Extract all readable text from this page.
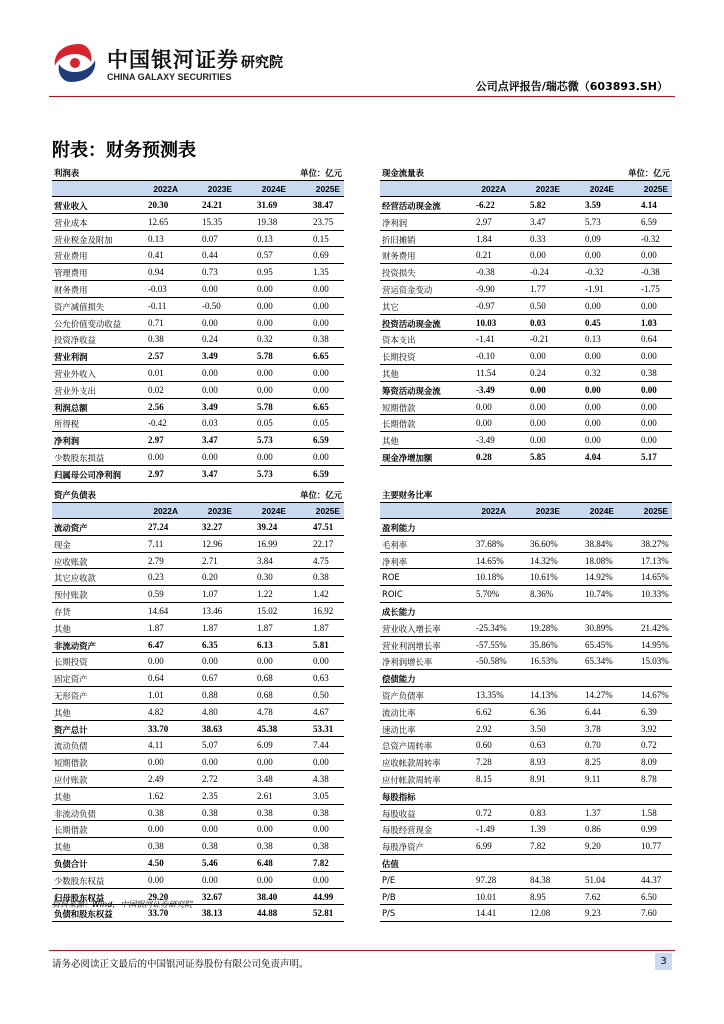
中国银河证券
CHINA GALAXY SECURITIES
研究院
公司点评报告/瑞芯微（603893.SH）
附表：财务预测表
利润表	单位：亿元
2022A	2023E	2024E	2025E
营业收入	20.30	24.21	31.69	38.47
营业成本	12.65	15.35	19.38	23.75
营业税金及附加	0.13	0.07	0.13	0.15
营业费用	0.41	0.44	0.57	0.69
管理费用	0.94	0.73	0.95	1.35
财务费用	-0.03	0.00	0.00	0.00
资产减值损失	-0.11	-0.50	0.00	0.00
公允价值变动收益	0.71	0.00	0.00	0.00
投资净收益	0.38	0.24	0.32	0.38
营业利润	2.57	3.49	5.78	6.65
营业外收入	0.01	0.00	0.00	0.00
营业外支出	0.02	0.00	0.00	0.00
利润总额	2.56	3.49	5.78	6.65
所得税	-0.42	0.03	0.05	0.05
净利润	2.97	3.47	5.73	6.59
少数股东损益	0.00	0.00	0.00	0.00
归属母公司净利润	2.97	3.47	5.73	6.59
现金流量表	单位：亿元
2022A	2023E	2024E	2025E
经营活动现金流	-6.22	5.82	3.59	4.14
净利润	2.97	3.47	5.73	6.59
折旧摊销	1.84	0.33	0.09	-0.32
财务费用	0.21	0.00	0.00	0.00
投资损失	-0.38	-0.24	-0.32	-0.38
营运资金变动	-9.90	1.77	-1.91	-1.75
其它	-0.97	0.50	0.00	0.00
投资活动现金流	10.03	0.03	0.45	1.03
资本支出	-1.41	-0.21	0.13	0.64
长期投资	-0.10	0.00	0.00	0.00
其他	11.54	0.24	0.32	0.38
筹资活动现金流	-3.49	0.00	0.00	0.00
短期借款	0.00	0.00	0.00	0.00
长期借款	0.00	0.00	0.00	0.00
其他	-3.49	0.00	0.00	0.00
现金净增加额	0.28	5.85	4.04	5.17
资产负债表	单位：亿元
2022A	2023E	2024E	2025E
流动资产	27.24	32.27	39.24	47.51
现金	7.11	12.96	16.99	22.17
应收账款	2.79	2.71	3.84	4.75
其它应收款	0.23	0.20	0.30	0.38
预付账款	0.59	1.07	1.22	1.42
存货	14.64	13.46	15.02	16.92
其他	1.87	1.87	1.87	1.87
非流动资产	6.47	6.35	6.13	5.81
长期投资	0.00	0.00	0.00	0.00
固定资产	0.64	0.67	0.68	0.63
无形资产	1.01	0.88	0.68	0.50
其他	4.82	4.80	4.78	4.67
资产总计	33.70	38.63	45.38	53.31
流动负债	4.11	5.07	6.09	7.44
短期借款	0.00	0.00	0.00	0.00
应付账款	2.49	2.72	3.48	4.38
其他	1.62	2.35	2.61	3.05
非流动负债	0.38	0.38	0.38	0.38
长期借款	0.00	0.00	0.00	0.00
其他	0.38	0.38	0.38	0.38
负债合计	4.50	5.46	6.48	7.82
少数股东权益	0.00	0.00	0.00	0.00
归母股东权益	29.20	32.67	38.40	44.99
负债和股东权益	33.70	38.13	44.88	52.81
主要财务比率
2022A	2023E	2024E	2025E
盈利能力
毛利率	37.68%	36.60%	38.84%	38.27%
净利率	14.65%	14.32%	18.08%	17.13%
ROE	10.18%	10.61%	14.92%	14.65%
ROIC	5.70%	8.36%	10.74%	10.33%
成长能力
营业收入增长率	-25.34%	19.28%	30.89%	21.42%
营业利润增长率	-57.55%	35.86%	65.45%	14.95%
净利润增长率	-50.58%	16.53%	65.34%	15.03%
偿债能力
资产负债率	13.35%	14.13%	14.27%	14.67%
流动比率	6.62	6.36	6.44	6.39
速动比率	2.92	3.50	3.78	3.92
总资产周转率	0.60	0.63	0.70	0.72
应收帐款周转率	7.28	8.93	8.25	8.09
应付帐款周转率	8.15	8.91	9.11	8.78
每股指标
每股收益	0.72	0.83	1.37	1.58
每股经营现金	-1.49	1.39	0.86	0.99
每股净资产	6.99	7.82	9.20	10.77
估值
P/E	97.28	84.38	51.04	44.37
P/B	10.01	8.95	7.62	6.50
P/S	14.41	12.08	9.23	7.60
资料来源：Wind，中国银河证券研究院
请务必阅读正文最后的中国银河证券股份有限公司免责声明。	3
